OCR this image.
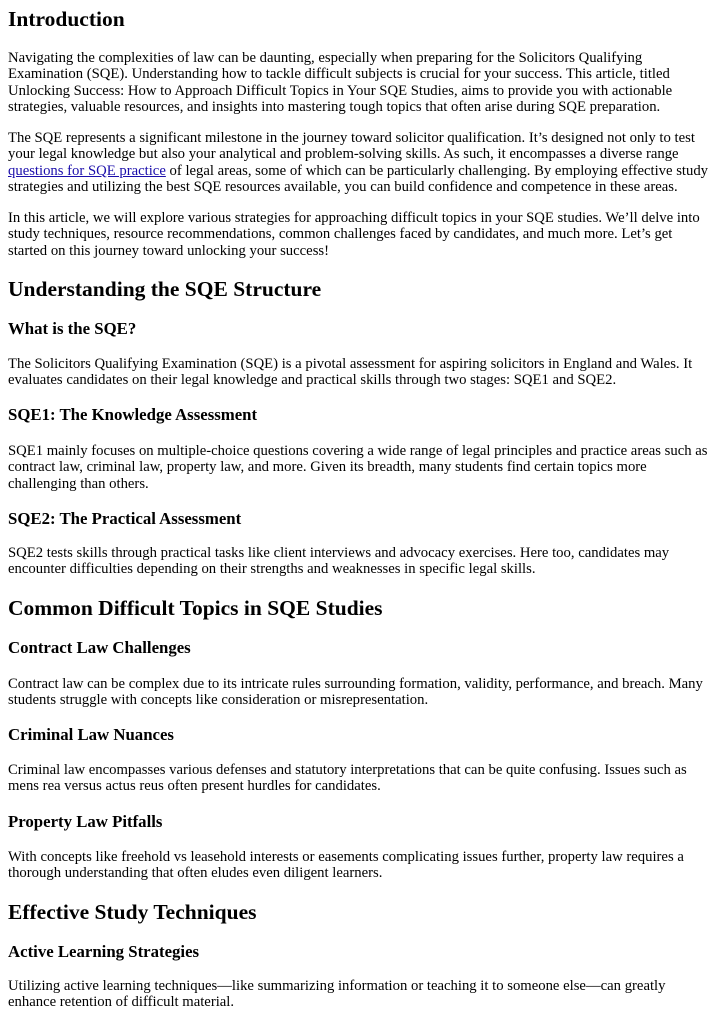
Introduction

Navigating the complexities of law can be daunting, especially when preparing for the Solicitors Qualifying Examination (SQE). Understanding how to tackle difficult subjects is crucial for your success. This article, titled Unlocking Success: How to Approach Difficult Topics in Your SQE Studies, aims to provide you with actionable strategies, valuable resources, and insights into mastering tough topics that often arise during SQE preparation.

The SQE represents a significant milestone in the journey toward solicitor qualification. It’s designed not only to test your legal knowledge but also your analytical and problem-solving skills. As such, it encompasses a diverse range questions for SQE practice of legal areas, some of which can be particularly challenging. By employing effective study strategies and utilizing the best SQE resources available, you can build confidence and competence in these areas.

In this article, we will explore various strategies for approaching difficult topics in your SQE studies. We’ll delve into study techniques, resource recommendations, common challenges faced by candidates, and much more. Let’s get started on this journey toward unlocking your success!

Understanding the SQE Structure
What is the SQE?

The Solicitors Qualifying Examination (SQE) is a pivotal assessment for aspiring solicitors in England and Wales. It evaluates candidates on their legal knowledge and practical skills through two stages: SQE1 and SQE2.

SQE1: The Knowledge Assessment

SQE1 mainly focuses on multiple-choice questions covering a wide range of legal principles and practice areas such as contract law, criminal law, property law, and more. Given its breadth, many students find certain topics more challenging than others.

SQE2: The Practical Assessment

SQE2 tests skills through practical tasks like client interviews and advocacy exercises. Here too, candidates may encounter difficulties depending on their strengths and weaknesses in specific legal skills.

Common Difficult Topics in SQE Studies
Contract Law Challenges

Contract law can be complex due to its intricate rules surrounding formation, validity, performance, and breach. Many students struggle with concepts like consideration or misrepresentation.

Criminal Law Nuances

Criminal law encompasses various defenses and statutory interpretations that can be quite confusing. Issues such as mens rea versus actus reus often present hurdles for candidates.

Property Law Pitfalls

With concepts like freehold vs leasehold interests or easements complicating issues further, property law requires a thorough understanding that often eludes even diligent learners.

Effective Study Techniques
Active Learning Strategies

Utilizing active learning techniques—like summarizing information or teaching it to someone else—can greatly enhance retention of difficult material.
